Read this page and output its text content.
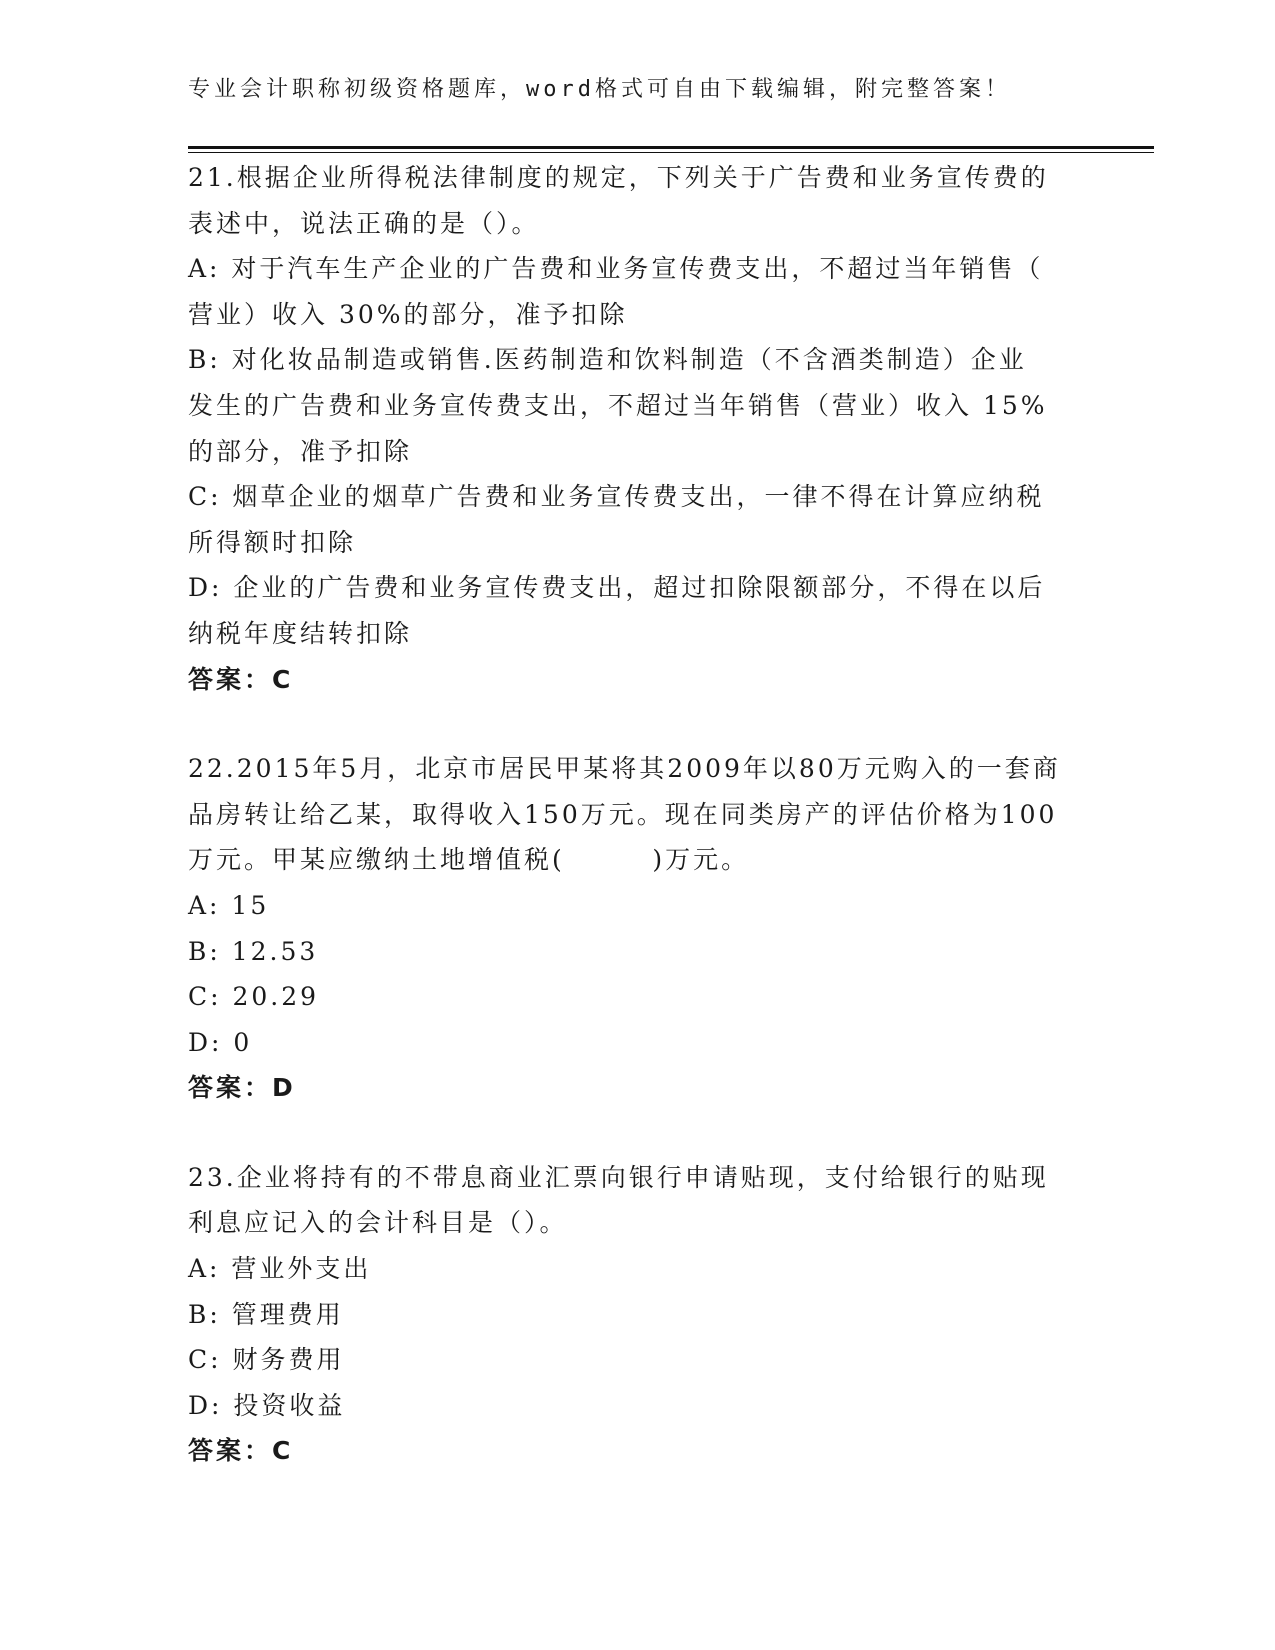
专业会计职称初级资格题库，word格式可自由下载编辑，附完整答案！
21.根据企业所得税法律制度的规定，下列关于广告费和业务宣传费的
表述中，说法正确的是（）。
A: 对于汽车生产企业的广告费和业务宣传费支出，不超过当年销售（
营业）收入 30%的部分，准予扣除
B: 对化妆品制造或销售.医药制造和饮料制造（不含酒类制造）企业
发生的广告费和业务宣传费支出，不超过当年销售（营业）收入 15%
的部分，准予扣除
C: 烟草企业的烟草广告费和业务宣传费支出，一律不得在计算应纳税
所得额时扣除
D: 企业的广告费和业务宣传费支出，超过扣除限额部分，不得在以后
纳税年度结转扣除
答案：C
22.2015年5月，北京市居民甲某将其2009年以80万元购入的一套商
品房转让给乙某，取得收入150万元。现在同类房产的评估价格为100
万元。甲某应缴纳土地增值税(        )万元。
A: 15
B: 12.53
C: 20.29
D: 0
答案：D
23.企业将持有的不带息商业汇票向银行申请贴现，支付给银行的贴现
利息应记入的会计科目是（）。
A: 营业外支出
B: 管理费用
C: 财务费用
D: 投资收益
答案：C
